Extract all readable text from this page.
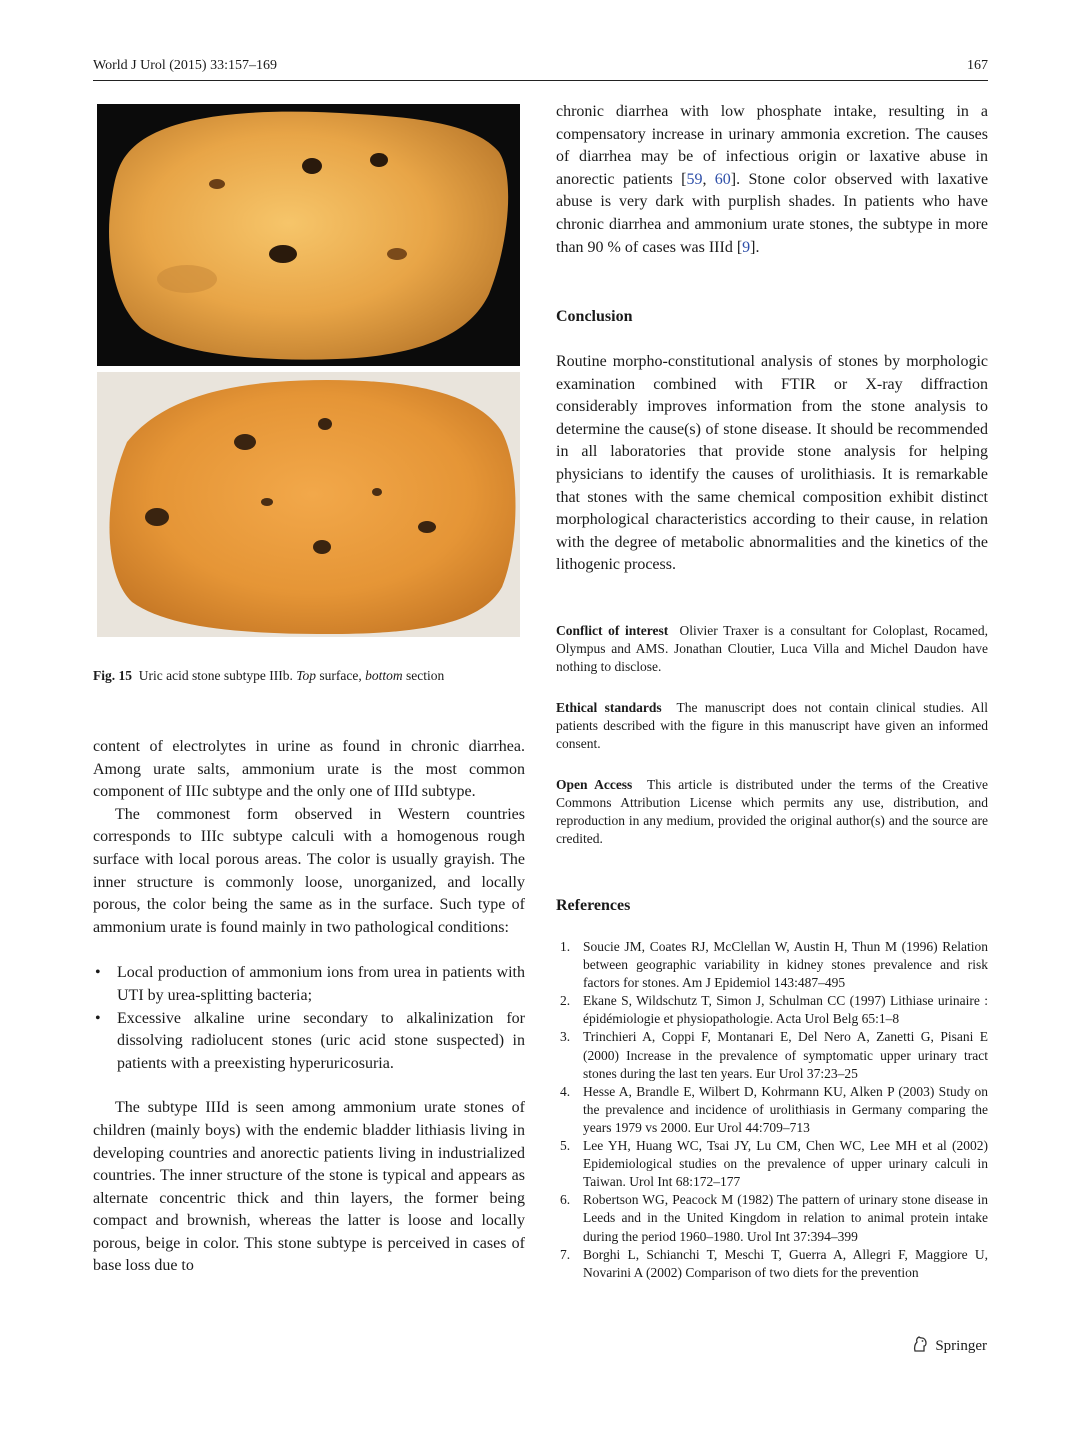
World J Urol (2015) 33:157–169	167
Fig. 15 Uric acid stone subtype IIIb. Top surface, bottom section

content of electrolytes in urine as found in chronic diarrhea. Among urate salts, ammonium urate is the most common component of IIIc subtype and the only one of IIId subtype.

The commonest form observed in Western countries corresponds to IIIc subtype calculi with a homogenous rough surface with local porous areas. The color is usually grayish. The inner structure is commonly loose, unorganized, and locally porous, the color being the same as in the surface. Such type of ammonium urate is found mainly in two pathological conditions:

• Local production of ammonium ions from urea in patients with UTI by urea-splitting bacteria;
• Excessive alkaline urine secondary to alkalinization for dissolving radiolucent stones (uric acid stone suspected) in patients with a preexisting hyperuricosuria.

The subtype IIId is seen among ammonium urate stones of children (mainly boys) with the endemic bladder lithiasis living in developing countries and anorectic patients living in industrialized countries. The inner structure of the stone is typical and appears as alternate concentric thick and thin layers, the former being compact and brownish, whereas the latter is loose and locally porous, beige in color. This stone subtype is perceived in cases of base loss due to

chronic diarrhea with low phosphate intake, resulting in a compensatory increase in urinary ammonia excretion. The causes of diarrhea may be of infectious origin or laxative abuse in anorectic patients [59, 60]. Stone color observed with laxative abuse is very dark with purplish shades. In patients who have chronic diarrhea and ammonium urate stones, the subtype in more than 90 % of cases was IIId [9].

Conclusion

Routine morpho-constitutional analysis of stones by morphologic examination combined with FTIR or X-ray diffraction considerably improves information from the stone analysis to determine the cause(s) of stone disease. It should be recommended in all laboratories that provide stone analysis for helping physicians to identify the causes of urolithiasis. It is remarkable that stones with the same chemical composition exhibit distinct morphological characteristics according to their cause, in relation with the degree of metabolic abnormalities and the kinetics of the lithogenic process.

Conflict of interest Olivier Traxer is a consultant for Coloplast, Rocamed, Olympus and AMS. Jonathan Cloutier, Luca Villa and Michel Daudon have nothing to disclose.

Ethical standards The manuscript does not contain clinical studies. All patients described with the figure in this manuscript have given an informed consent.

Open Access This article is distributed under the terms of the Creative Commons Attribution License which permits any use, distribution, and reproduction in any medium, provided the original author(s) and the source are credited.

References
1. Soucie JM, Coates RJ, McClellan W, Austin H, Thun M (1996) Relation between geographic variability in kidney stones prevalence and risk factors for stones. Am J Epidemiol 143:487–495
2. Ekane S, Wildschutz T, Simon J, Schulman CC (1997) Lithiase urinaire : épidémiologie et physiopathologie. Acta Urol Belg 65:1–8
3. Trinchieri A, Coppi F, Montanari E, Del Nero A, Zanetti G, Pisani E (2000) Increase in the prevalence of symptomatic upper urinary tract stones during the last ten years. Eur Urol 37:23–25
4. Hesse A, Brandle E, Wilbert D, Kohrmann KU, Alken P (2003) Study on the prevalence and incidence of urolithiasis in Germany comparing the years 1979 vs 2000. Eur Urol 44:709–713
5. Lee YH, Huang WC, Tsai JY, Lu CM, Chen WC, Lee MH et al (2002) Epidemiological studies on the prevalence of upper urinary calculi in Taiwan. Urol Int 68:172–177
6. Robertson WG, Peacock M (1982) The pattern of urinary stone disease in Leeds and in the United Kingdom in relation to animal protein intake during the period 1960–1980. Urol Int 37:394–399
7. Borghi L, Schianchi T, Meschi T, Guerra A, Allegri F, Maggiore U, Novarini A (2002) Comparison of two diets for the prevention
Springer
